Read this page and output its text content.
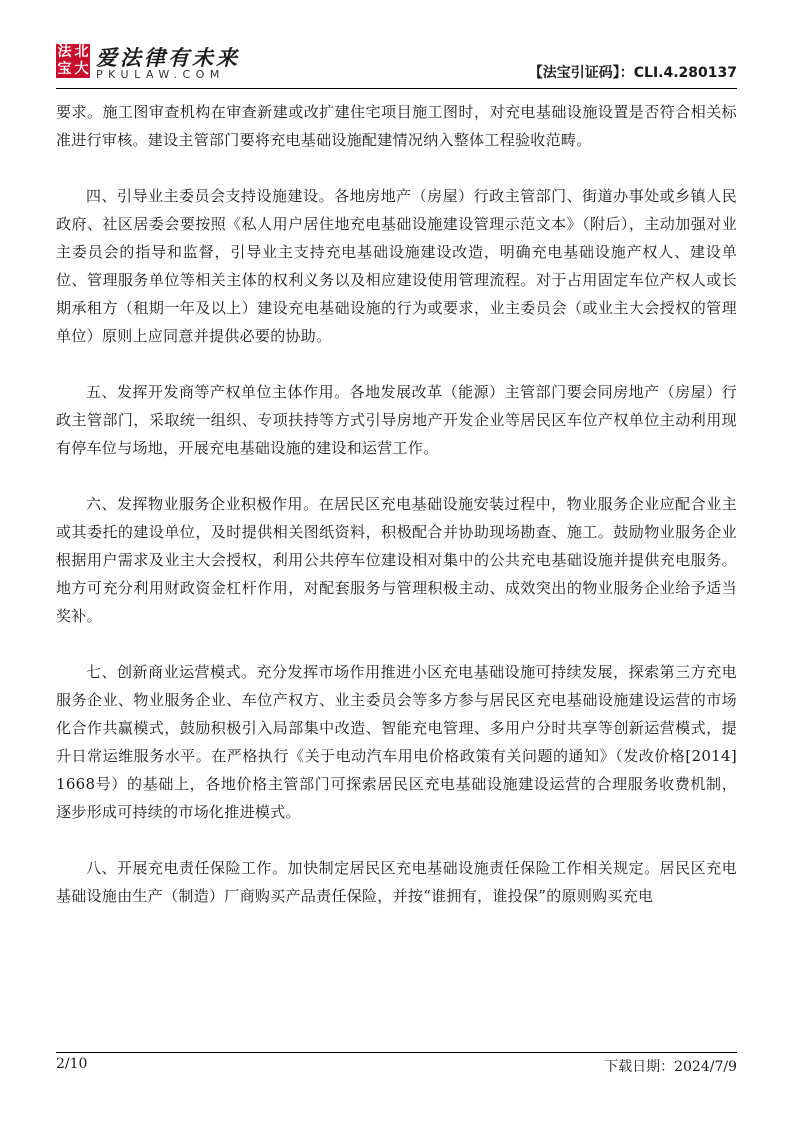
法 北
宝 大 爱法律有未来
PKULAW.COM	【法宝引证码】：CLI.4.280137

要求。施工图审查机构在审查新建或改扩建住宅项目施工图时，对充电基础设施设置是否符合相关标准进行审核。建设主管部门要将充电基础设施配建情况纳入整体工程验收范畴。

四、引导业主委员会支持设施建设。各地房地产（房屋）行政主管部门、街道办事处或乡镇人民政府、社区居委会要按照《私人用户居住地充电基础设施建设管理示范文本》（附后），主动加强对业主委员会的指导和监督，引导业主支持充电基础设施建设改造，明确充电基础设施产权人、建设单位、管理服务单位等相关主体的权利义务以及相应建设使用管理流程。对于占用固定车位产权人或长期承租方（租期一年及以上）建设充电基础设施的行为或要求，业主委员会（或业主大会授权的管理单位）原则上应同意并提供必要的协助。

五、发挥开发商等产权单位主体作用。各地发展改革（能源）主管部门要会同房地产（房屋）行政主管部门，采取统一组织、专项扶持等方式引导房地产开发企业等居民区车位产权单位主动利用现有停车位与场地，开展充电基础设施的建设和运营工作。

六、发挥物业服务企业积极作用。在居民区充电基础设施安装过程中，物业服务企业应配合业主或其委托的建设单位，及时提供相关图纸资料，积极配合并协助现场勘查、施工。鼓励物业服务企业根据用户需求及业主大会授权，利用公共停车位建设相对集中的公共充电基础设施并提供充电服务。地方可充分利用财政资金杠杆作用，对配套服务与管理积极主动、成效突出的物业服务企业给予适当奖补。

七、创新商业运营模式。充分发挥市场作用推进小区充电基础设施可持续发展，探索第三方充电服务企业、物业服务企业、车位产权方、业主委员会等多方参与居民区充电基础设施建设运营的市场化合作共赢模式，鼓励积极引入局部集中改造、智能充电管理、多用户分时共享等创新运营模式，提升日常运维服务水平。在严格执行《关于电动汽车用电价格政策有关问题的通知》（发改价格[2014]1668号）的基础上，各地价格主管部门可探索居民区充电基础设施建设运营的合理服务收费机制，逐步形成可持续的市场化推进模式。

八、开展充电责任保险工作。加快制定居民区充电基础设施责任保险工作相关规定。居民区充电基础设施由生产（制造）厂商购买产品责任保险，并按“谁拥有，谁投保”的原则购买充电

2/10	下载日期：2024/7/9
